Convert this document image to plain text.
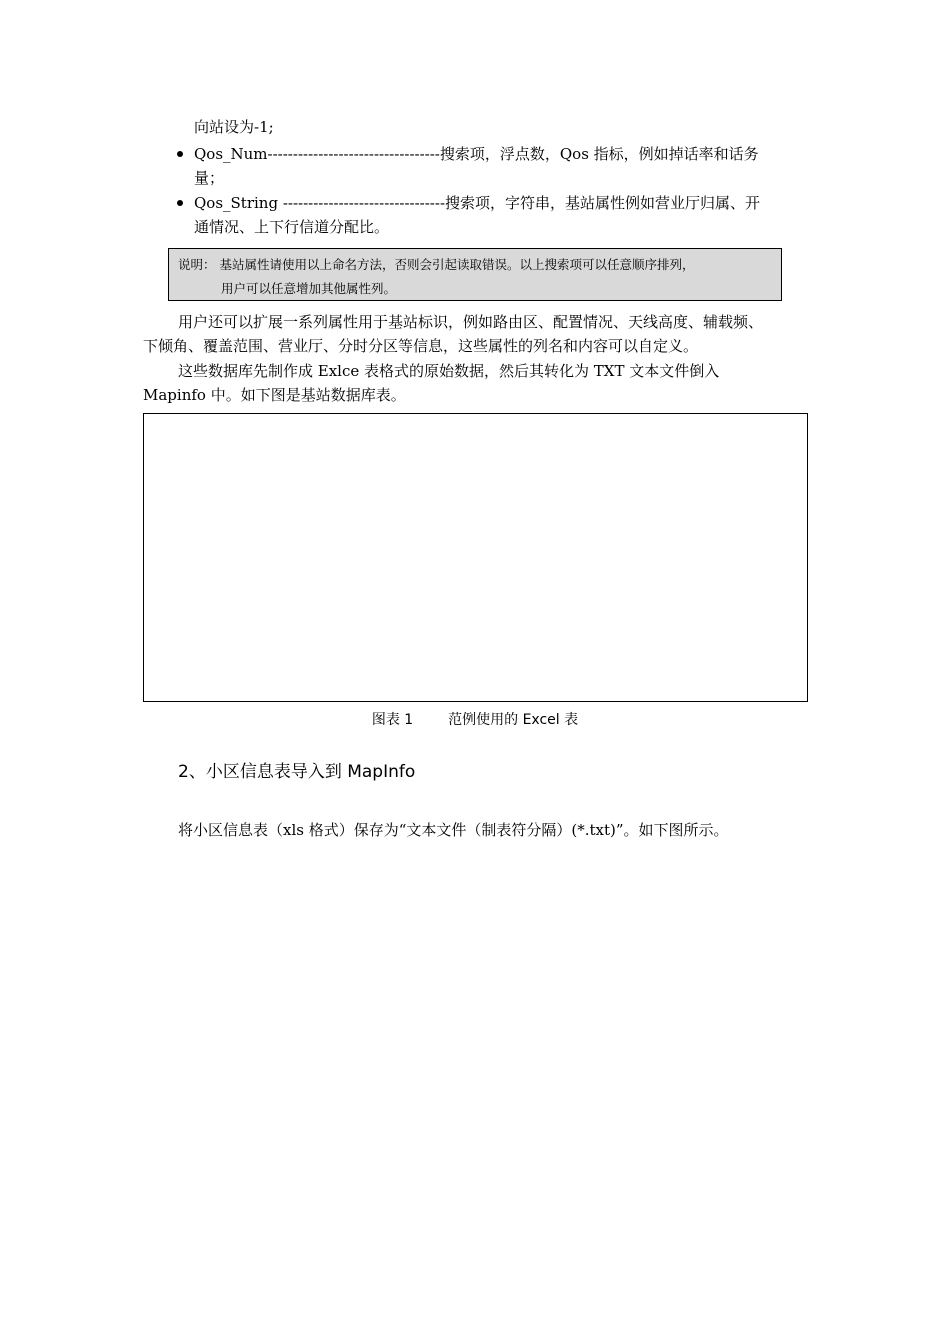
向站设为-1;
Qos_Num----------------------------------搜索项，浮点数，Qos 指标，例如掉话率和话务
量；
Qos_String --------------------------------搜索项，字符串，基站属性例如营业厅归属、开
通情况、上下行信道分配比。
说明： 基站属性请使用以上命名方法，否则会引起读取错误。以上搜索项可以任意顺序排列，
用户可以任意增加其他属性列。
用户还可以扩展一系列属性用于基站标识，例如路由区、配置情况、天线高度、辅载频、
下倾角、覆盖范围、营业厅、分时分区等信息，这些属性的列名和内容可以自定义。
这些数据库先制作成 Exlce 表格式的原始数据，然后其转化为 TXT 文本文件倒入
Mapinfo 中。如下图是基站数据库表。
图表 1 范例使用的 Excel 表
2、小区信息表导入到 MapInfo
将小区信息表（xls 格式）保存为“文本文件（制表符分隔）(*.txt)”。如下图所示。
